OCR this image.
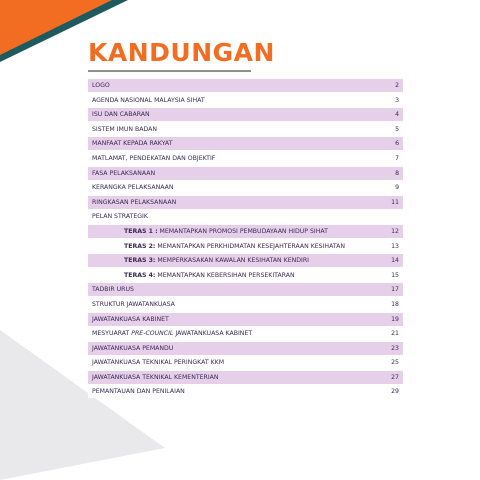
KANDUNGAN
LOGO	2
AGENDA NASIONAL MALAYSIA SIHAT	3
ISU DAN CABARAN	4
SISTEM IMUN BADAN	5
MANFAAT KEPADA RAKYAT	6
MATLAMAT, PENDEKATAN DAN OBJEKTIF	7
FASA PELAKSANAAN	8
KERANGKA PELAKSANAAN	9
RINGKASAN PELAKSANAAN	11
PELAN STRATEGIK
TERAS 1 : MEMANTAPKAN PROMOSI PEMBUDAYAAN HIDUP SIHAT	12
TERAS 2: MEMANTAPKAN PERKHIDMATAN KESEJAHTERAAN KESIHATAN	13
TERAS 3: MEMPERKASAKAN KAWALAN KESIHATAN KENDIRI	14
TERAS 4: MEMANTAPKAN KEBERSIHAN PERSEKITARAN	15
TADBIR URUS	17
STRUKTUR JAWATANKUASA	18
JAWATANKUASA KABINET	19
MESYUARAT PRE-COUNCIL JAWATANKUASA KABINET	21
JAWATANKUASA PEMANDU	23
JAWATANKUASA TEKNIKAL PERINGKAT KKM	25
JAWATANKUASA TEKNIKAL KEMENTERIAN	27
PEMANTAUAN DAN PENILAIAN	29
